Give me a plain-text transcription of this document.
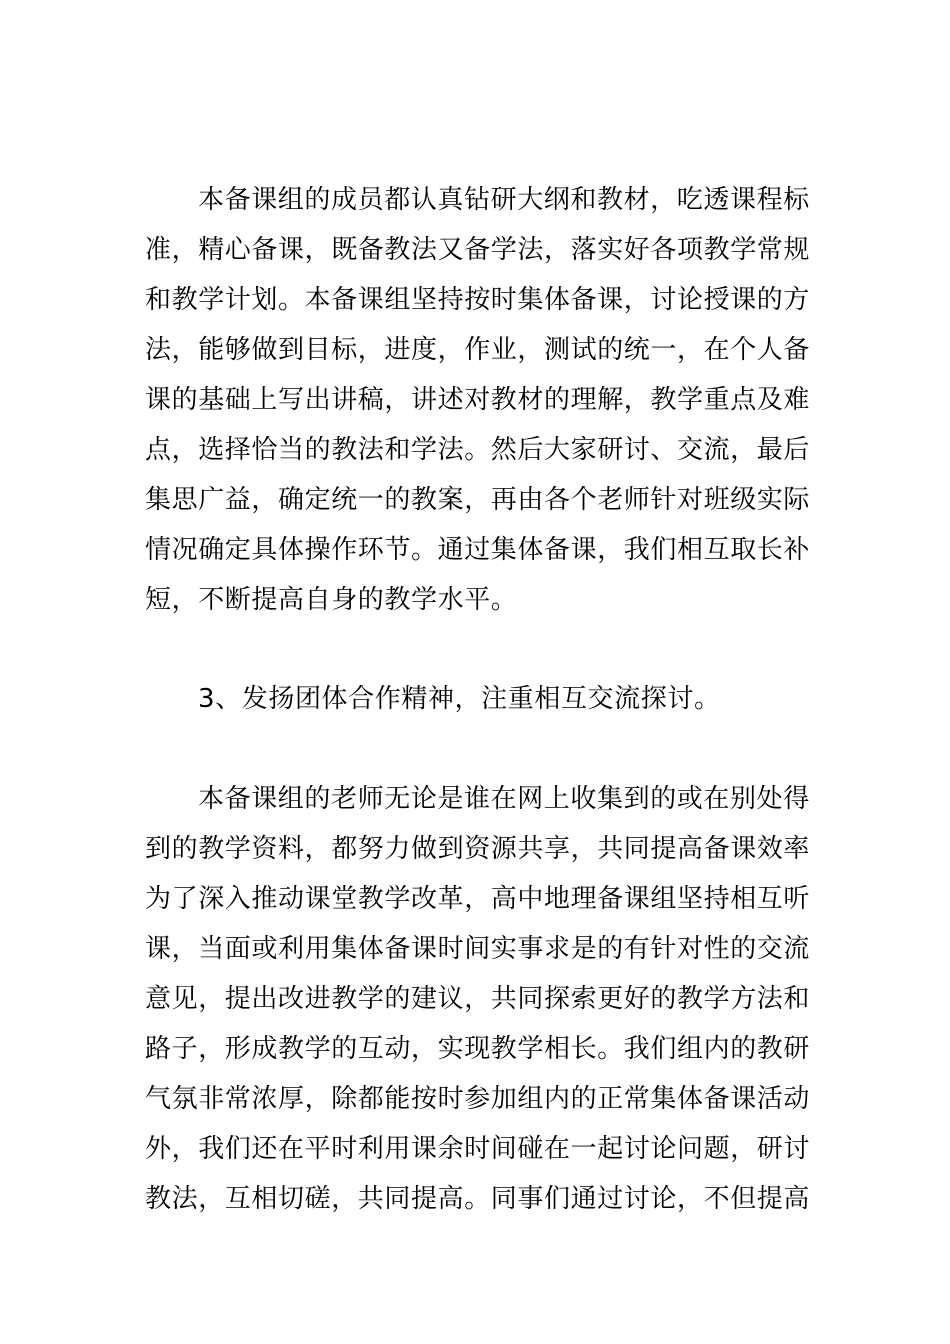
本备课组的成员都认真钻研大纲和教材，吃透课程标
准，精心备课，既备教法又备学法，落实好各项教学常规
和教学计划。本备课组坚持按时集体备课，讨论授课的方
法，能够做到目标，进度，作业，测试的统一，在个人备
课的基础上写出讲稿，讲述对教材的理解，教学重点及难
点，选择恰当的教法和学法。然后大家研讨、交流，最后
集思广益，确定统一的教案，再由各个老师针对班级实际
情况确定具体操作环节。通过集体备课，我们相互取长补
短，不断提高自身的教学水平。
3、发扬团体合作精神，注重相互交流探讨。
本备课组的老师无论是谁在网上收集到的或在别处得
到的教学资料，都努力做到资源共享，共同提高备课效率
为了深入推动课堂教学改革，高中地理备课组坚持相互听
课，当面或利用集体备课时间实事求是的有针对性的交流
意见，提出改进教学的建议，共同探索更好的教学方法和
路子，形成教学的互动，实现教学相长。我们组内的教研
气氛非常浓厚，除都能按时参加组内的正常集体备课活动
外，我们还在平时利用课余时间碰在一起讨论问题，研讨
教法，互相切磋，共同提高。同事们通过讨论，不但提高
